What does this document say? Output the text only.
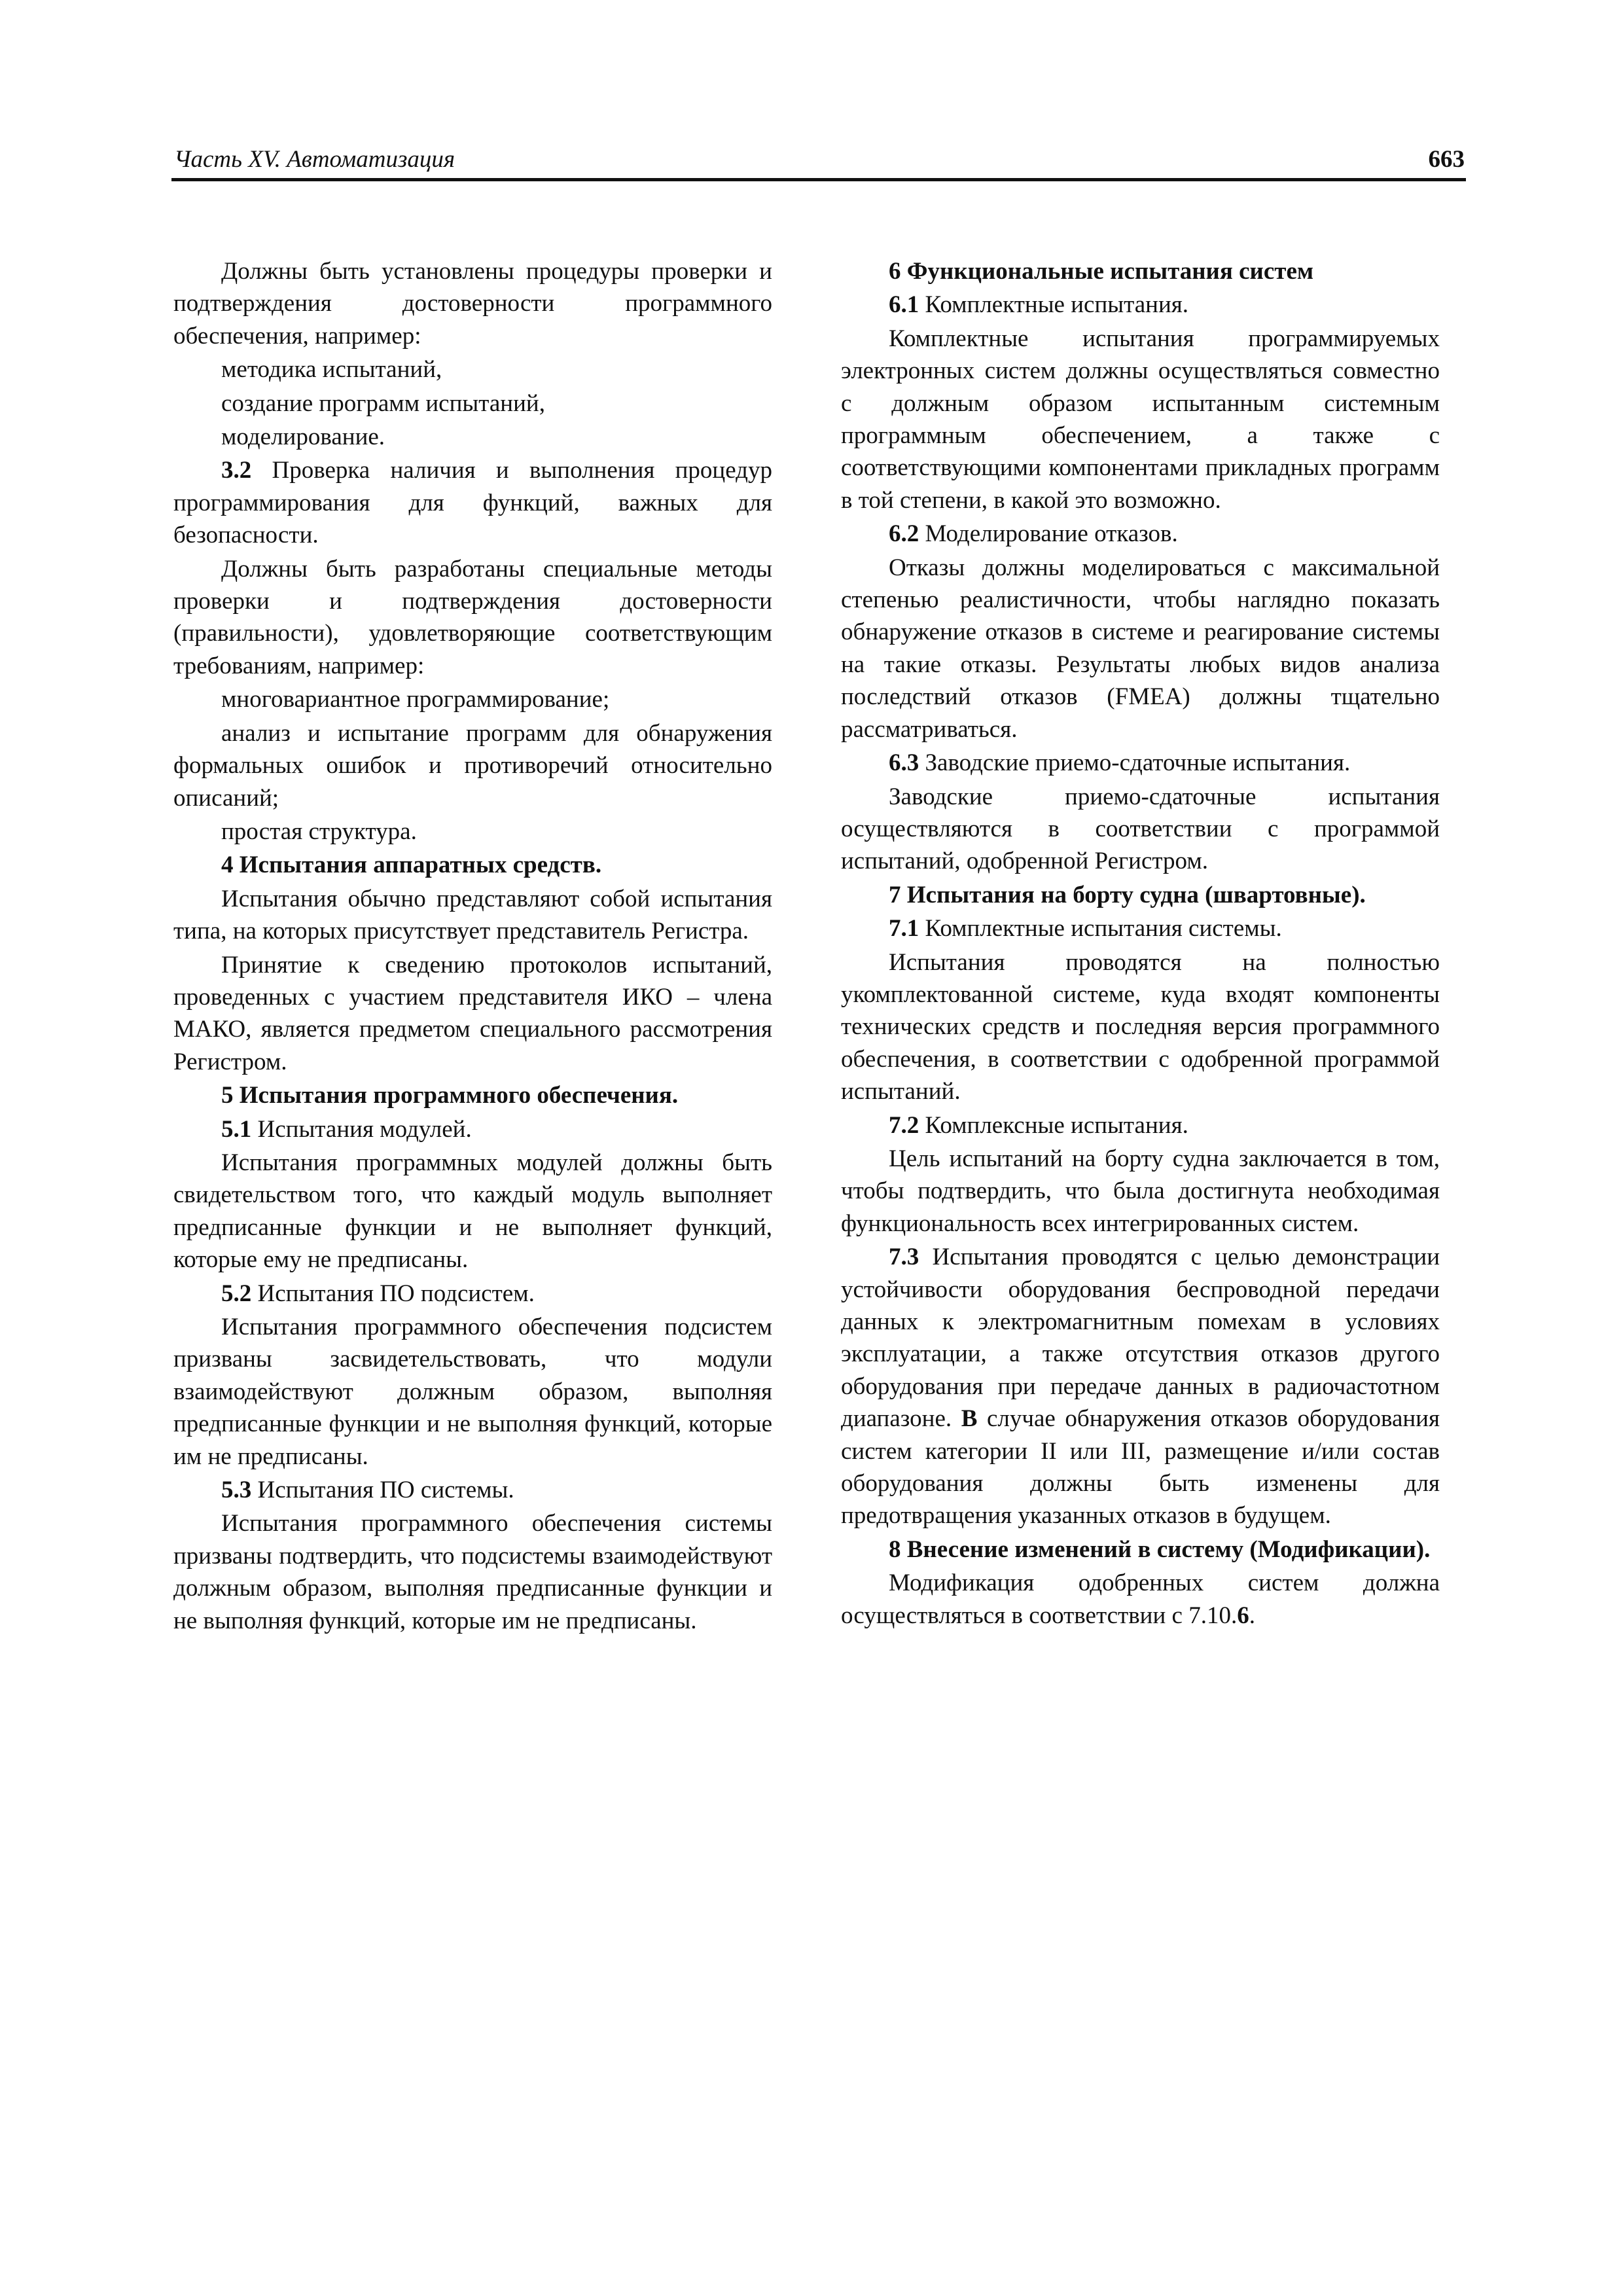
Часть XV. Автоматизация	663

Должны быть установлены процедуры проверки и подтверждения достоверности программного обеспечения, например:

методика испытаний,

создание программ испытаний,

моделирование.

3.2 Проверка наличия и выполнения процедур программирования для функций, важных для безопасности.

Должны быть разработаны специальные методы проверки и подтверждения достоверности (правильности), удовлетворяющие соответствующим требованиям, например:

многовариантное программирование;

анализ и испытание программ для обнаружения формальных ошибок и противоречий относительно описаний;

простая структура.

4 Испытания аппаратных средств.

Испытания обычно представляют собой испытания типа, на которых присутствует представитель Регистра.

Принятие к сведению протоколов испытаний, проведенных с участием представителя ИКО – члена МАКО, является предметом специального рассмотрения Регистром.

5 Испытания программного обеспечения.

5.1 Испытания модулей.

Испытания программных модулей должны быть свидетельством того, что каждый модуль выполняет предписанные функции и не выполняет функций, которые ему не предписаны.

5.2 Испытания ПО подсистем.

Испытания программного обеспечения подсистем призваны засвидетельствовать, что модули взаимодействуют должным образом, выполняя предписанные функции и не выполняя функций, которые им не предписаны.

5.3 Испытания ПО системы.

Испытания программного обеспечения системы призваны подтвердить, что подсистемы взаимодействуют должным образом, выполняя предписанные функции и не выполняя функций, которые им не предписаны.

6 Функциональные испытания систем

6.1 Комплектные испытания.

Комплектные испытания программируемых электронных систем должны осуществляться совместно с должным образом испытанным системным программным обеспечением, а также с соответствующими компонентами прикладных программ в той степени, в какой это возможно.

6.2 Моделирование отказов.

Отказы должны моделироваться с максимальной степенью реалистичности, чтобы наглядно показать обнаружение отказов в системе и реагирование системы на такие отказы. Результаты любых видов анализа последствий отказов (FMEA) должны тщательно рассматриваться.

6.3 Заводские приемо-сдаточные испытания.

Заводские приемо-сдаточные испытания осуществляются в соответствии с программой испытаний, одобренной Регистром.

7 Испытания на борту судна (швартовные).

7.1 Комплектные испытания системы.

Испытания проводятся на полностью укомплектованной системе, куда входят компоненты технических средств и последняя версия программного обеспечения, в соответствии с одобренной программой испытаний.

7.2 Комплексные испытания.

Цель испытаний на борту судна заключается в том, чтобы подтвердить, что была достигнута необходимая функциональность всех интегрированных систем.

7.3 Испытания проводятся с целью демонстрации устойчивости оборудования беспроводной передачи данных к электромагнитным помехам в условиях эксплуатации, а также отсутствия отказов другого оборудования при передаче данных в радиочастотном диапазоне. В случае обнаружения отказов оборудования систем категории II или III, размещение и/или состав оборудования должны быть изменены для предотвращения указанных отказов в будущем.

8 Внесение изменений в систему (Модификации).

Модификация одобренных систем должна осуществляться в соответствии с 7.10.6.
